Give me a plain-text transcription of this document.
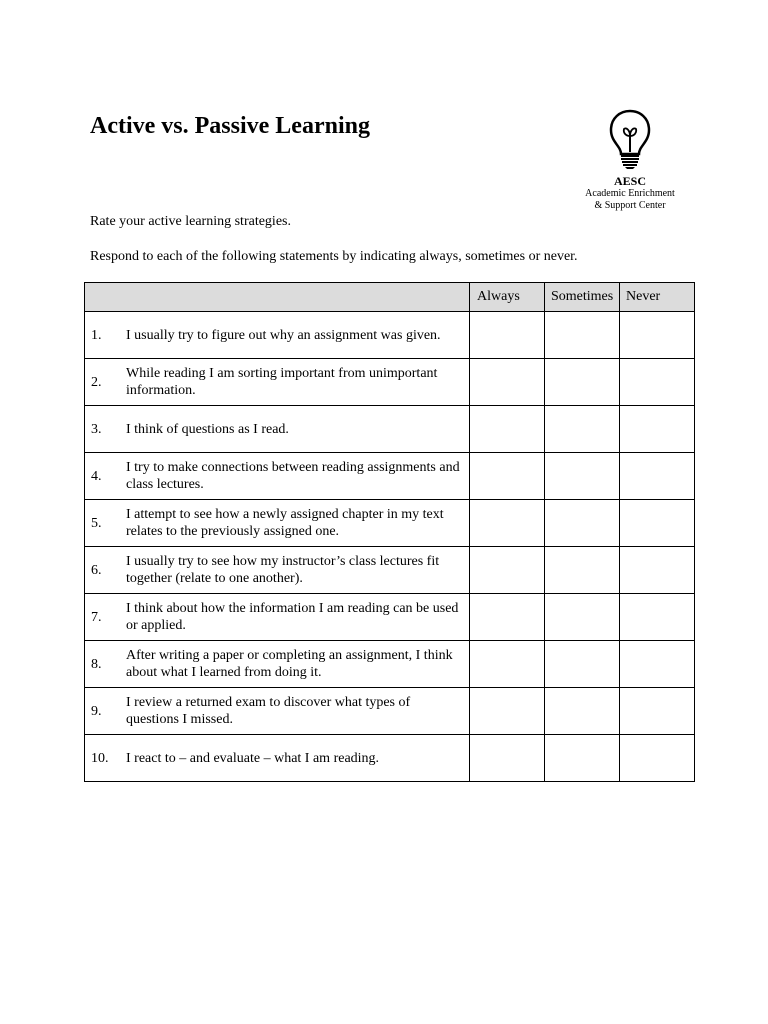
Active vs. Passive Learning
AESC
Academic Enrichment
& Support Center

Rate your active learning strategies.

Respond to each of the following statements by indicating always, sometimes or never.

	Always	Sometimes	Never

1. I usually try to figure out why an assignment was given.			

2.
While reading I am sorting important from unimportant information.			

3. I think of questions as I read.			

4.
I try to make connections between reading assignments and class lectures.			

5.
I attempt to see how a newly assigned chapter in my text relates to the previously assigned one.			

6.
I usually try to see how my instructor’s class lectures fit together (relate to one another).			

7.
I think about how the information I am reading can be used or applied.			

8.
After writing a paper or completing an assignment, I think about what I learned from doing it.			

9.
I review a returned exam to discover what types of questions I missed.			

10. I react to – and evaluate – what I am reading.			
